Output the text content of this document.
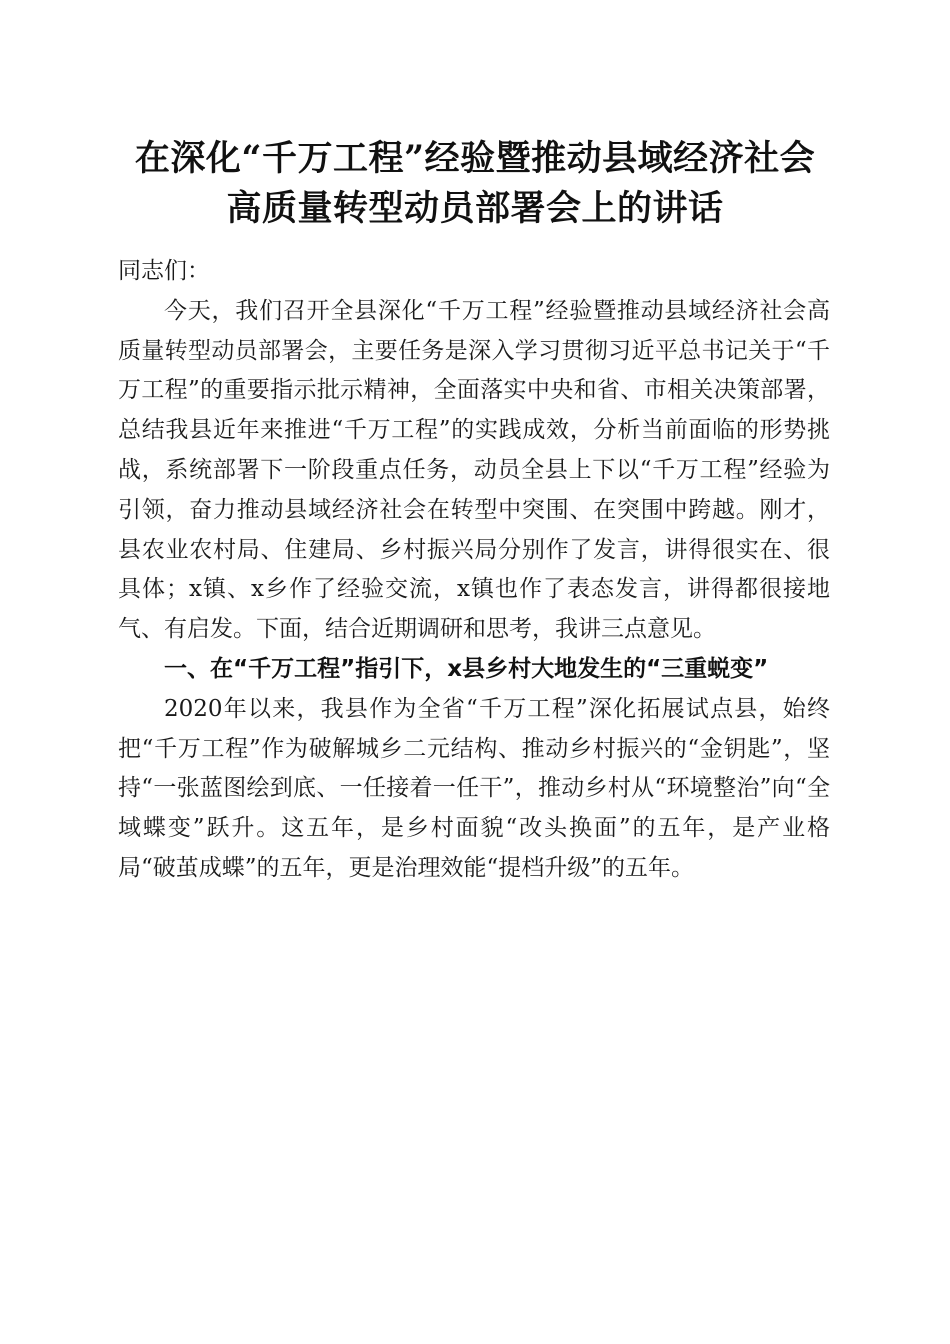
在深化“千万工程”经验暨推动县域经济社会
高质量转型动员部署会上的讲话

同志们：

今天，我们召开全县深化“千万工程”经验暨推动县域经济社会高质量转型动员部署会，主要任务是深入学习贯彻习近平总书记关于“千万工程”的重要指示批示精神，全面落实中央和省、市相关决策部署，总结我县近年来推进“千万工程”的实践成效，分析当前面临的形势挑战，系统部署下一阶段重点任务，动员全县上下以“千万工程”经验为引领，奋力推动县域经济社会在转型中突围、在突围中跨越。刚才，县农业农村局、住建局、乡村振兴局分别作了发言，讲得很实在、很具体；x镇、x乡作了经验交流，x镇也作了表态发言，讲得都很接地气、有启发。下面，结合近期调研和思考，我讲三点意见。

一、在“千万工程”指引下，x县乡村大地发生的“三重蜕变”

2020年以来，我县作为全省“千万工程”深化拓展试点县，始终把“千万工程”作为破解城乡二元结构、推动乡村振兴的“金钥匙”，坚持“一张蓝图绘到底、一任接着一任干”，推动乡村从“环境整治”向“全域蝶变”跃升。这五年，是乡村面貌“改头换面”的五年，是产业格局“破茧成蝶”的五年，更是治理效能“提档升级”的五年。
